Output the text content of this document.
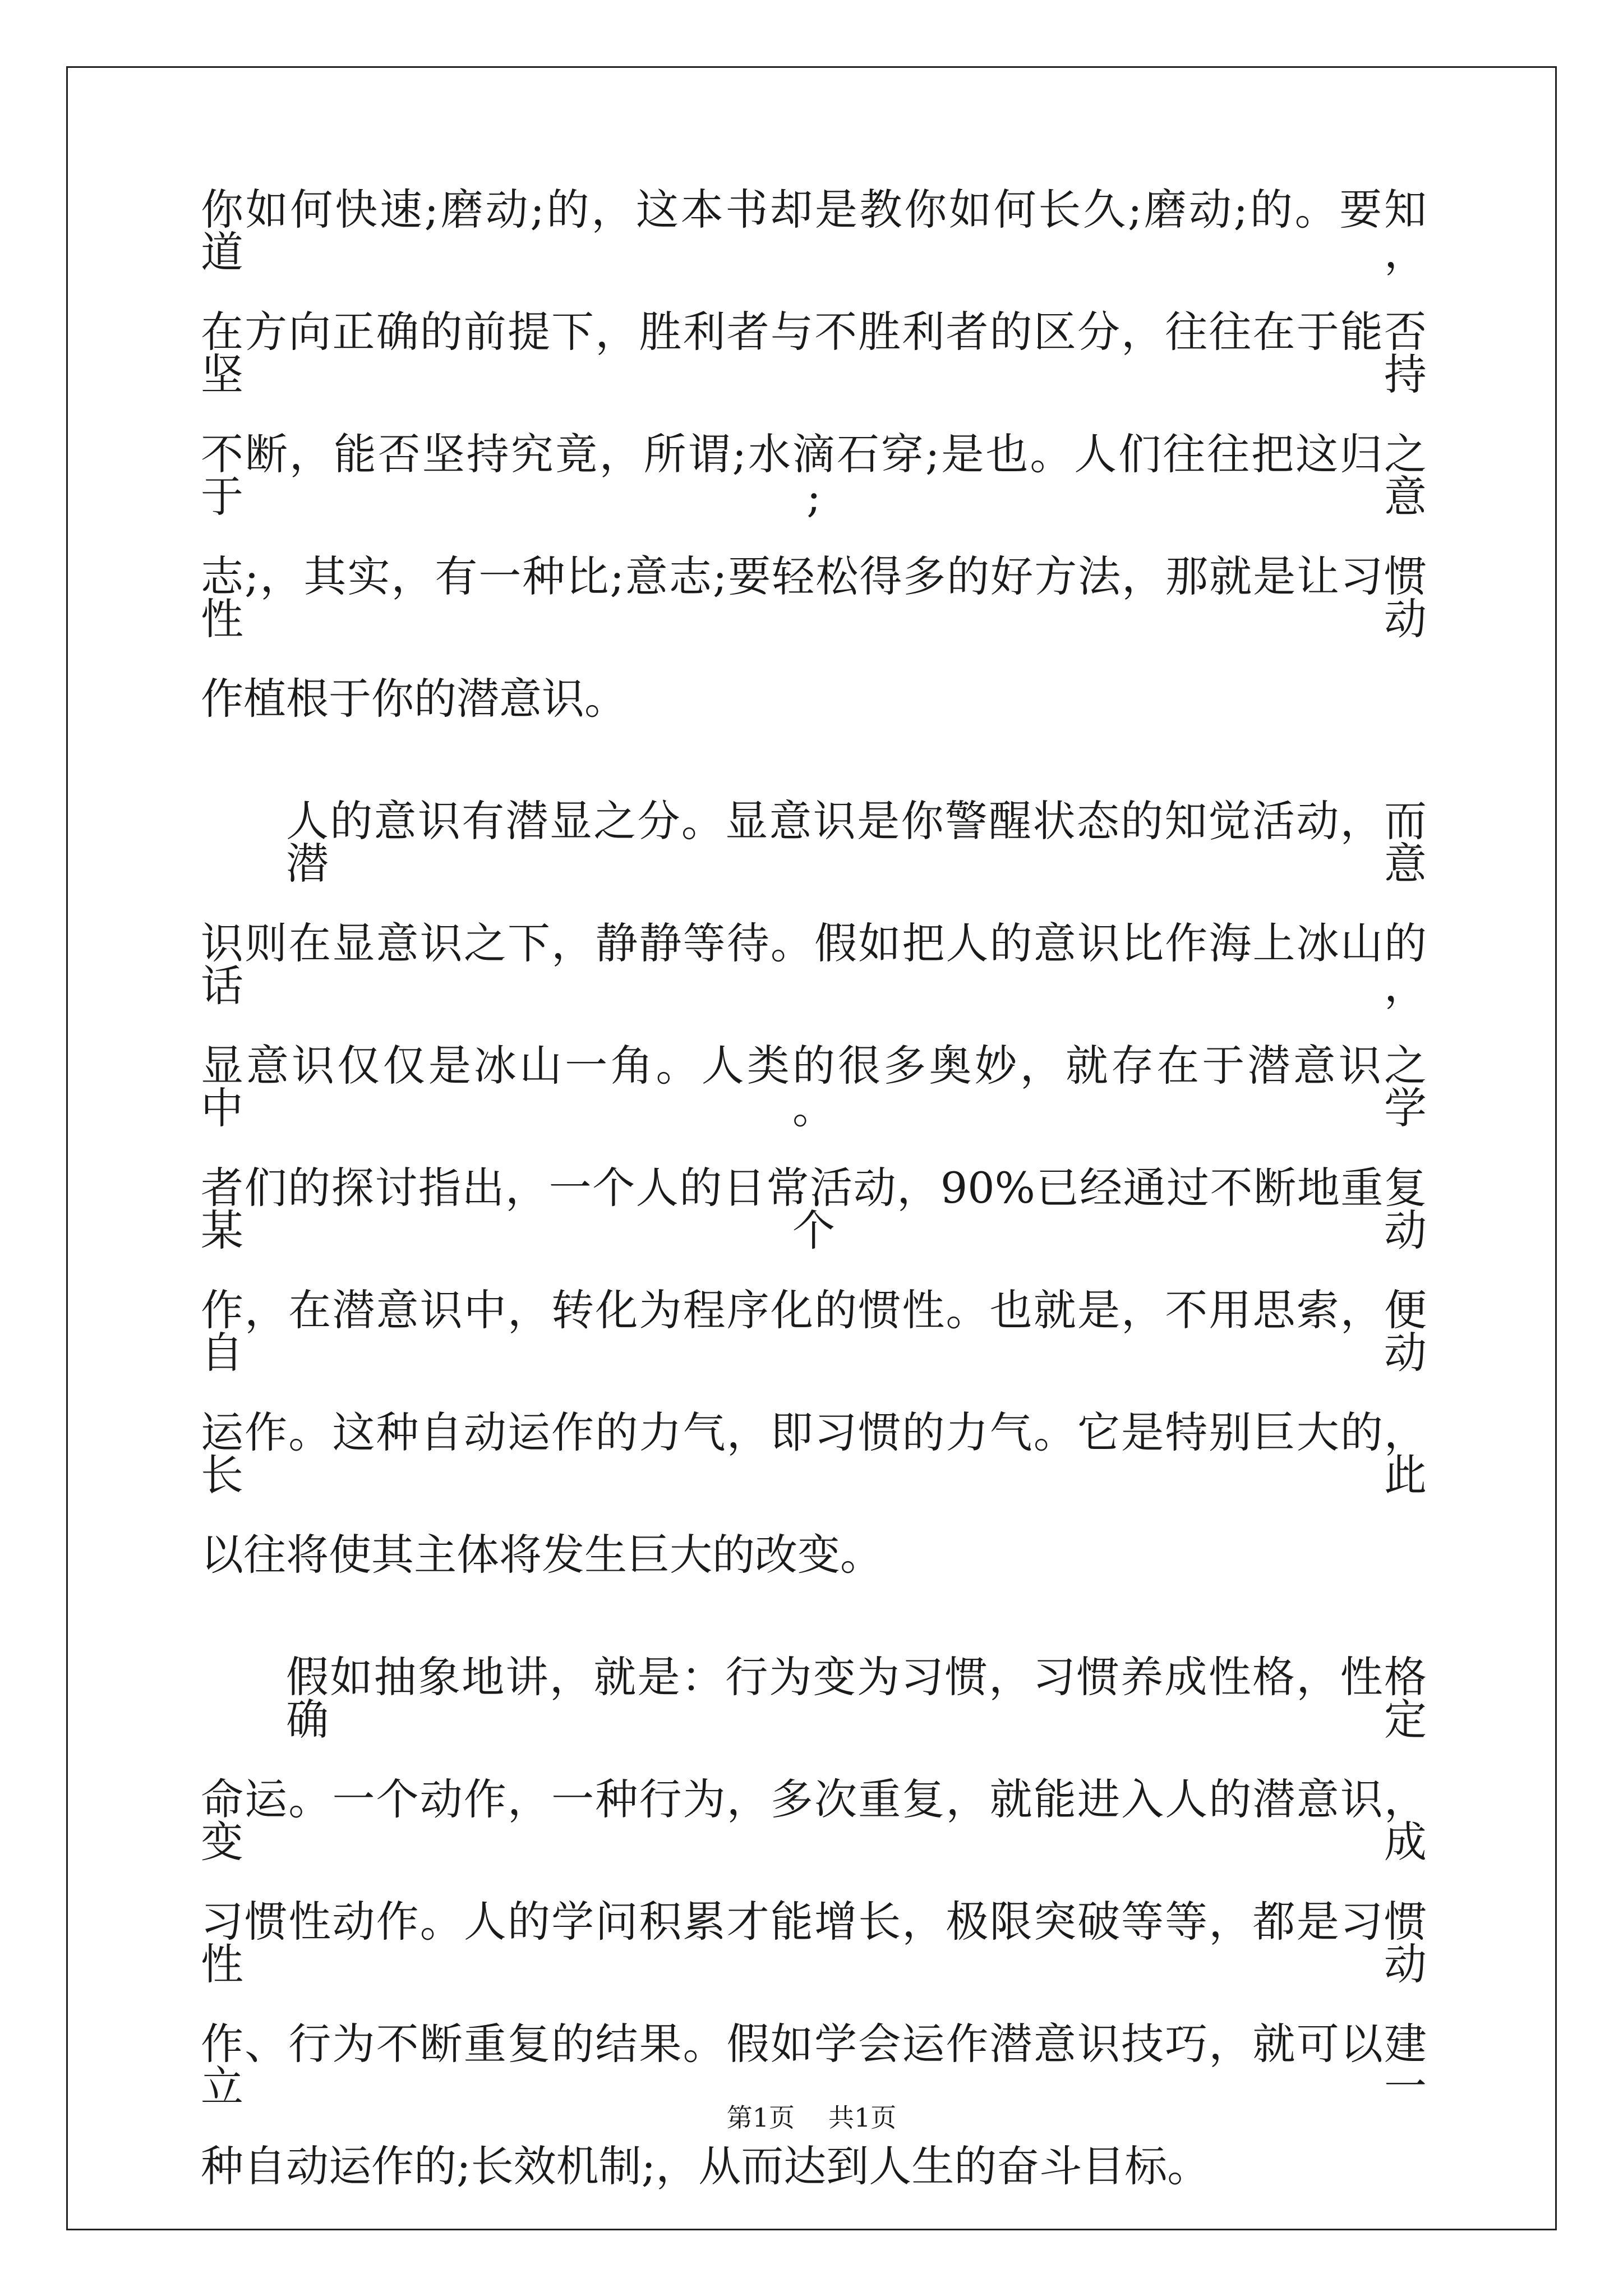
你如何快速;磨动;的，这本书却是教你如何长久;磨动;的。要知道，
在方向正确的前提下，胜利者与不胜利者的区分，往往在于能否坚持
不断，能否坚持究竟，所谓;水滴石穿;是也。人们往往把这归之于;意
志;，其实，有一种比;意志;要轻松得多的好方法，那就是让习惯性动
作植根于你的潜意识。
人的意识有潜显之分。显意识是你警醒状态的知觉活动，而潜意
识则在显意识之下，静静等待。假如把人的意识比作海上冰山的话，
显意识仅仅是冰山一角。人类的很多奥妙，就存在于潜意识之中。学
者们的探讨指出，一个人的日常活动，90%已经通过不断地重复某个动
作，在潜意识中，转化为程序化的惯性。也就是，不用思索，便自动
运作。这种自动运作的力气，即习惯的力气。它是特别巨大的，长此
以往将使其主体将发生巨大的改变。
假如抽象地讲，就是：行为变为习惯，习惯养成性格，性格确定
命运。一个动作，一种行为，多次重复，就能进入人的潜意识，变成
习惯性动作。人的学问积累才能增长，极限突破等等，都是习惯性动
作、行为不断重复的结果。假如学会运作潜意识技巧，就可以建立一
种自动运作的;长效机制;，从而达到人生的奋斗目标。
第1页 共1页
